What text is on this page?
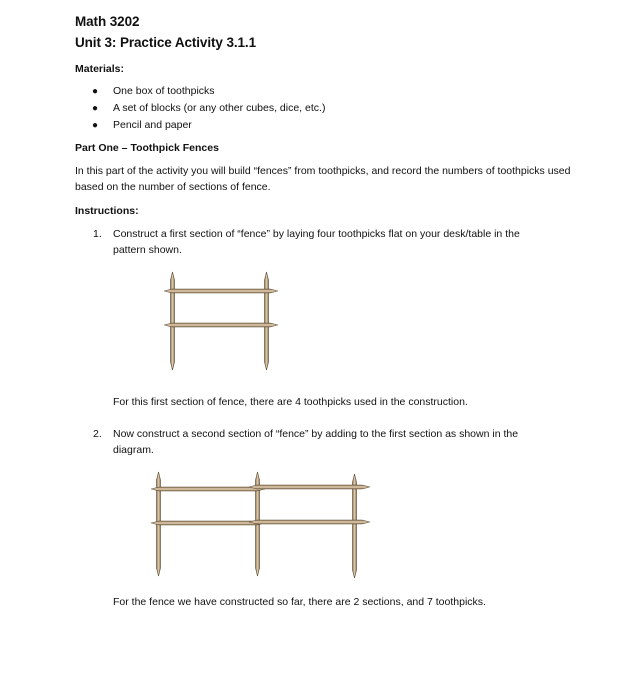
Math 3202
Unit 3: Practice Activity 3.1.1
Materials:
● One box of toothpicks
● A set of blocks (or any other cubes, dice, etc.)
● Pencil and paper
Part One – Toothpick Fences
In this part of the activity you will build “fences” from toothpicks, and record the numbers of toothpicks used based on the number of sections of fence.
Instructions:
1. Construct a first section of “fence” by laying four toothpicks flat on your desk/table in the pattern shown.
For this first section of fence, there are 4 toothpicks used in the construction.
2. Now construct a second section of “fence” by adding to the first section as shown in the diagram.
For the fence we have constructed so far, there are 2 sections, and 7 toothpicks.
